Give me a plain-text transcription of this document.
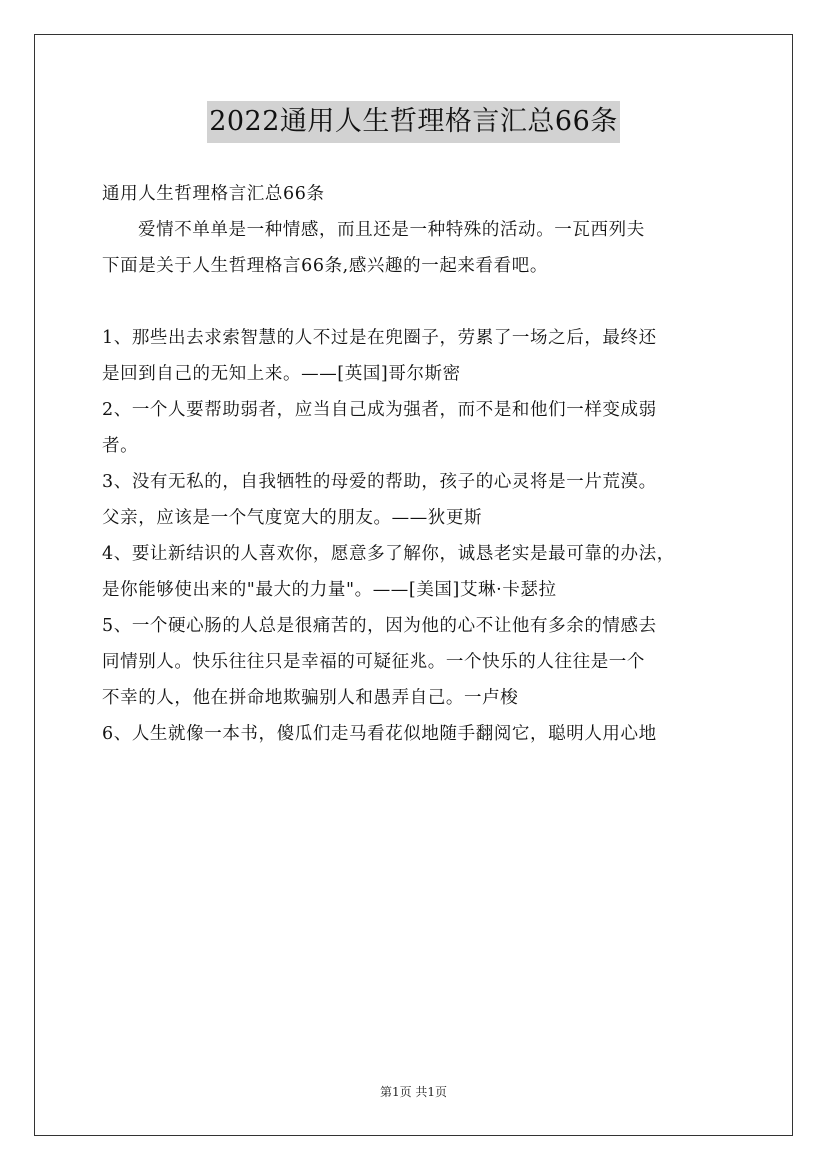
2022通用人生哲理格言汇总66条
通用人生哲理格言汇总66条
爱情不单单是一种情感，而且还是一种特殊的活动。一瓦西列夫
下面是关于人生哲理格言66条,感兴趣的一起来看看吧。
1、那些出去求索智慧的人不过是在兜圈子，劳累了一场之后，最终还
是回到自己的无知上来。——[英国]哥尔斯密
2、一个人要帮助弱者，应当自己成为强者，而不是和他们一样变成弱
者。
3、没有无私的，自我牺牲的母爱的帮助，孩子的心灵将是一片荒漠。
父亲，应该是一个气度宽大的朋友。——狄更斯
4、要让新结识的人喜欢你，愿意多了解你，诚恳老实是最可靠的办法，
是你能够使出来的"最大的力量"。——[美国]艾琳·卡瑟拉
5、一个硬心肠的人总是很痛苦的，因为他的心不让他有多余的情感去
同情别人。快乐往往只是幸福的可疑征兆。一个快乐的人往往是一个
不幸的人，他在拼命地欺骗别人和愚弄自己。一卢梭
6、人生就像一本书，傻瓜们走马看花似地随手翻阅它，聪明人用心地
第1页 共1页
